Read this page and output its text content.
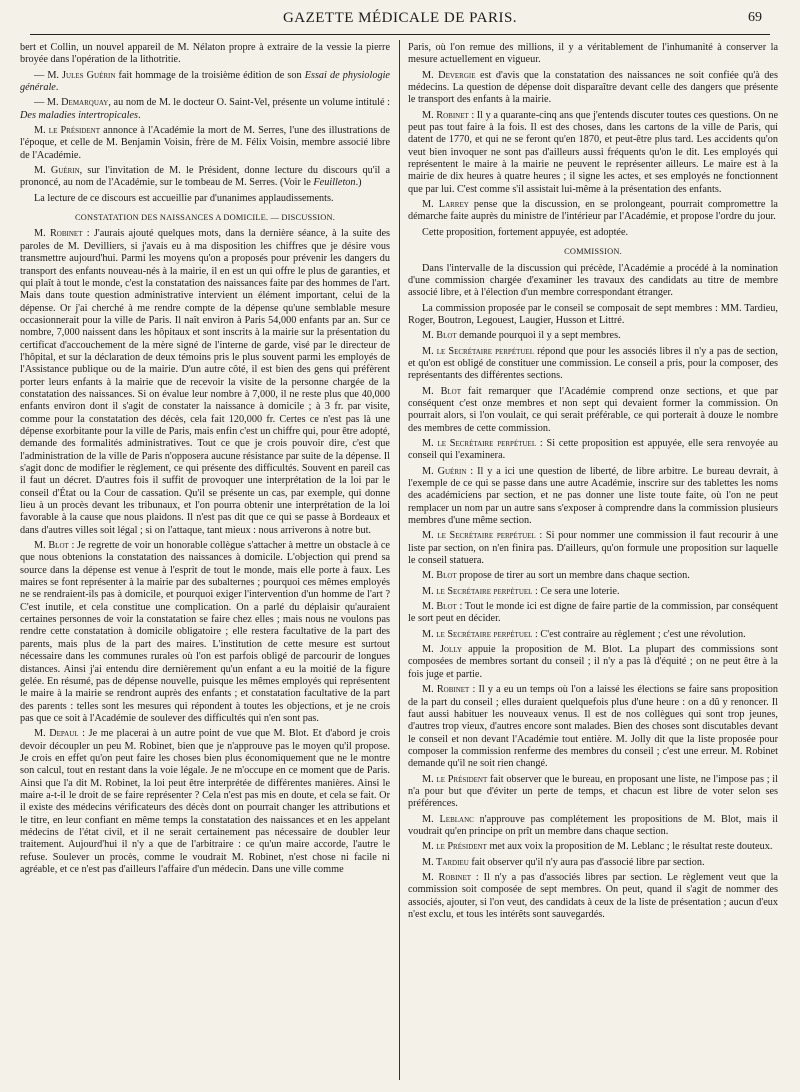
GAZETTE MÉDICALE DE PARIS.	69

bert et Collin, un nouvel appareil de M. Nélaton propre à extraire de la vessie la pierre broyée dans l'opération de la lithotritie.

— M. Jules Guérin fait hommage de la troisième édition de son Essai de physiologie générale.

— M. Demarquay, au nom de M. le docteur O. Saint-Vel, présente un volume intitulé : Des maladies intertropicales.

M. le Président annonce à l'Académie la mort de M. Serres, l'une des illustrations de l'époque, et celle de M. Benjamin Voisin, frère de M. Félix Voisin, membre associé libre de l'Académie.

M. Guérin, sur l'invitation de M. le Président, donne lecture du discours qu'il a prononcé, au nom de l'Académie, sur le tombeau de M. Serres. (Voir le Feuilleton.)

La lecture de ce discours est accueillie par d'unanimes applaudissements.

CONSTATATION DES NAISSANCES A DOMICILE. — DISCUSSION.

M. Robinet : J'aurais ajouté quelques mots, dans la dernière séance, à la suite des paroles de M. Devilliers, si j'avais eu à ma disposition les chiffres que je désire vous transmettre aujourd'hui. Parmi les moyens qu'on a proposés pour prévenir les dangers du transport des enfants nouveau-nés à la mairie, il en est un qui offre le plus de garanties, et qui plaît à tout le monde, c'est la constatation des naissances faite par des hommes de l'art. Mais dans toute question administrative intervient un élément important, celui de la dépense. Or j'ai cherché à me rendre compte de la dépense qu'une semblable mesure occasionnerait pour la ville de Paris. Il naît environ à Paris 54,000 enfants par an. Sur ce nombre, 7,000 naissent dans les hôpitaux et sont inscrits à la mairie sur la présentation du certificat d'accouchement de la mère signé de l'interne de garde, visé par le directeur de l'hôpital, et sur la déclaration de deux témoins pris le plus souvent parmi les employés de l'Assistance publique ou de la mairie. D'un autre côté, il est bien des gens qui préfèrent porter leurs enfants à la mairie que de recevoir la visite de la personne chargée de la constatation des naissances. Si on évalue leur nombre à 7,000, il ne reste plus que 40,000 enfants environ dont il s'agit de constater la naissance à domicile ; à 3 fr. par visite, comme pour la constatation des décès, cela fait 120,000 fr. Certes ce n'est pas là une dépense exorbitante pour la ville de Paris, mais enfin c'est un chiffre qui, pour être adopté, demande des formalités administratives. Tout ce que je crois pouvoir dire, c'est que l'administration de la ville de Paris n'opposera aucune résistance par suite de la dépense. Il s'agit donc de modifier le règlement, ce qui présente des difficultés. Souvent en pareil cas il faut un décret. D'autres fois il suffit de provoquer une interprétation de la loi par le conseil d'État ou la Cour de cassation. Qu'il se présente un cas, par exemple, qui donne lieu à un procès devant les tribunaux, et l'on pourra obtenir une interprétation de la loi favorable à la cause que nous plaidons. Il n'est pas dit que ce qui se passe à Bordeaux et dans d'autres villes soit légal ; si on l'attaque, tant mieux : nous arriverons à notre but.

M. Blot : Je regrette de voir un honorable collègue s'attacher à mettre un obstacle à ce que nous obtenions la constatation des naissances à domicile. L'objection qui prend sa source dans la dépense est venue à l'esprit de tout le monde, mais elle porte à faux. Les maires se font représenter à la mairie par des subalternes ; pourquoi ces mêmes employés ne se rendraient-ils pas à domicile, et pourquoi exiger l'intervention d'un homme de l'art ? C'est inutile, et cela constitue une complication. On a parlé du déplaisir qu'auraient certaines personnes de voir la constatation se faire chez elles ; mais nous ne voulons pas rendre cette constatation à domicile obligatoire ; elle restera facultative de la part des parents, mais plus de la part des maires. L'institution de cette mesure est surtout nécessaire dans les communes rurales où l'on est parfois obligé de parcourir de longues distances. Ainsi j'ai entendu dire dernièrement qu'un enfant a eu la moitié de la figure gelée. En résumé, pas de dépense nouvelle, puisque les mêmes employés qui représentent le maire à la mairie se rendront auprès des enfants ; et constatation facultative de la part des parents : telles sont les mesures qui répondent à toutes les objections, et je ne crois pas que ce soit à l'Académie de soulever des difficultés qui n'en sont pas.

M. Depaul : Je me placerai à un autre point de vue que M. Blot. Et d'abord je crois devoir découpler un peu M. Robinet, bien que je n'approuve pas le moyen qu'il propose. Je crois en effet qu'on peut faire les choses bien plus économiquement que ne le montre son calcul, tout en restant dans la voie légale. Je ne m'occupe en ce moment que de Paris. Ainsi que l'a dit M. Robinet, la loi peut être interprétée de différentes manières. Ainsi le maire a-t-il le droit de se faire représenter ? Cela n'est pas mis en doute, et cela se fait. Or il existe des médecins vérificateurs des décès dont on pourrait changer les attributions et le titre, en leur confiant en même temps la constatation des naissances et en les appelant médecins de l'état civil, et il ne serait certainement pas nécessaire de doubler leur traitement. Aujourd'hui il n'y a que de l'arbitraire : ce qu'un maire accorde, l'autre le refuse. Soulever un procès, comme le voudrait M. Robinet, n'est chose ni facile ni agréable, et ce n'est pas d'ailleurs l'affaire d'un médecin. Dans une ville comme

Paris, où l'on remue des millions, il y a véritablement de l'inhumanité à conserver la mesure actuellement en vigueur.

M. Devergie est d'avis que la constatation des naissances ne soit confiée qu'à des médecins. La question de dépense doit disparaître devant celle des dangers que présente le transport des enfants à la mairie.

M. Robinet : Il y a quarante-cinq ans que j'entends discuter toutes ces questions. On ne peut pas tout faire à la fois. Il est des choses, dans les cartons de la ville de Paris, qui datent de 1770, et qui ne se feront qu'en 1870, et peut-être plus tard. Les accidents qu'on veut bien invoquer ne sont pas d'ailleurs aussi fréquents qu'on le dit. Les employés qui représentent le maire à la mairie ne peuvent le représenter ailleurs. Le maire est à la mairie de dix heures à quatre heures ; il signe les actes, et ses employés ne fonctionnent que par lui. C'est comme s'il assistait lui-même à la présentation des enfants.

M. Larrey pense que la discussion, en se prolongeant, pourrait compromettre la démarche faite auprès du ministre de l'intérieur par l'Académie, et propose l'ordre du jour.

Cette proposition, fortement appuyée, est adoptée.

COMMISSION.

Dans l'intervalle de la discussion qui précède, l'Académie a procédé à la nomination d'une commission chargée d'examiner les travaux des candidats au titre de membre associé libre, et à l'élection d'un membre correspondant étranger.

La commission proposée par le conseil se composait de sept membres : MM. Tardieu, Roger, Boutron, Legouest, Laugier, Husson et Littré.

M. Blot demande pourquoi il y a sept membres.

M. le Secrétaire perpétuel répond que pour les associés libres il n'y a pas de section, et qu'on est obligé de constituer une commission. Le conseil a pris, pour la composer, des représentants des différentes sections.

M. Blot fait remarquer que l'Académie comprend onze sections, et que par conséquent c'est onze membres et non sept qui devaient former la commission. On pourrait alors, si l'on voulait, ce qui serait préférable, ce qui porterait à douze le nombre des membres de cette commission.

M. le Secrétaire perpétuel : Si cette proposition est appuyée, elle sera renvoyée au conseil qui l'examinera.

M. Guérin : Il y a ici une question de liberté, de libre arbitre. Le bureau devrait, à l'exemple de ce qui se passe dans une autre Académie, inscrire sur des tablettes les noms des académiciens par section, et ne pas donner une liste toute faite, où l'on ne peut remplacer un nom par un autre sans s'exposer à comprendre dans la commission plusieurs membres d'une même section.

M. le Secrétaire perpétuel : Si pour nommer une commission il faut recourir à une liste par section, on n'en finira pas. D'ailleurs, qu'on formule une proposition sur laquelle le conseil statuera.

M. Blot propose de tirer au sort un membre dans chaque section.

M. le Secrétaire perpétuel : Ce sera une loterie.

M. Blot : Tout le monde ici est digne de faire partie de la commission, par conséquent le sort peut en décider.

M. le Secrétaire perpétuel : C'est contraire au règlement ; c'est une révolution.

M. Jolly appuie la proposition de M. Blot. La plupart des commissions sont composées de membres sortant du conseil ; il n'y a pas là d'équité ; on ne peut être à la fois juge et partie.

M. Robinet : Il y a eu un temps où l'on a laissé les élections se faire sans proposition de la part du conseil ; elles duraient quelquefois plus d'une heure : on a dû y renoncer. Il faut aussi habituer les nouveaux venus. Il est de nos collègues qui sont trop jeunes, d'autres trop vieux, d'autres encore sont malades. Bien des choses sont discutables devant le conseil et non devant l'Académie tout entière. M. Jolly dit que la liste proposée pour composer la commission renferme des membres du conseil ; c'est une erreur. M. Robinet demande qu'il ne soit rien changé.

M. le Président fait observer que le bureau, en proposant une liste, ne l'impose pas ; il n'a pour but que d'éviter un perte de temps, et chacun est libre de voter selon ses préférences.

M. Leblanc n'approuve pas complétement les propositions de M. Blot, mais il voudrait qu'en principe on prît un membre dans chaque section.

M. le Président met aux voix la proposition de M. Leblanc ; le résultat reste douteux.

M. Tardieu fait observer qu'il n'y aura pas d'associé libre par section.

M. Robinet : Il n'y a pas d'associés libres par section. Le règlement veut que la commission soit composée de sept membres. On peut, quand il s'agit de nommer des associés, ajouter, si l'on veut, des candidats à ceux de la liste de présentation ; aucun d'eux n'est exclu, et tous les intérêts sont sauvegardés.
